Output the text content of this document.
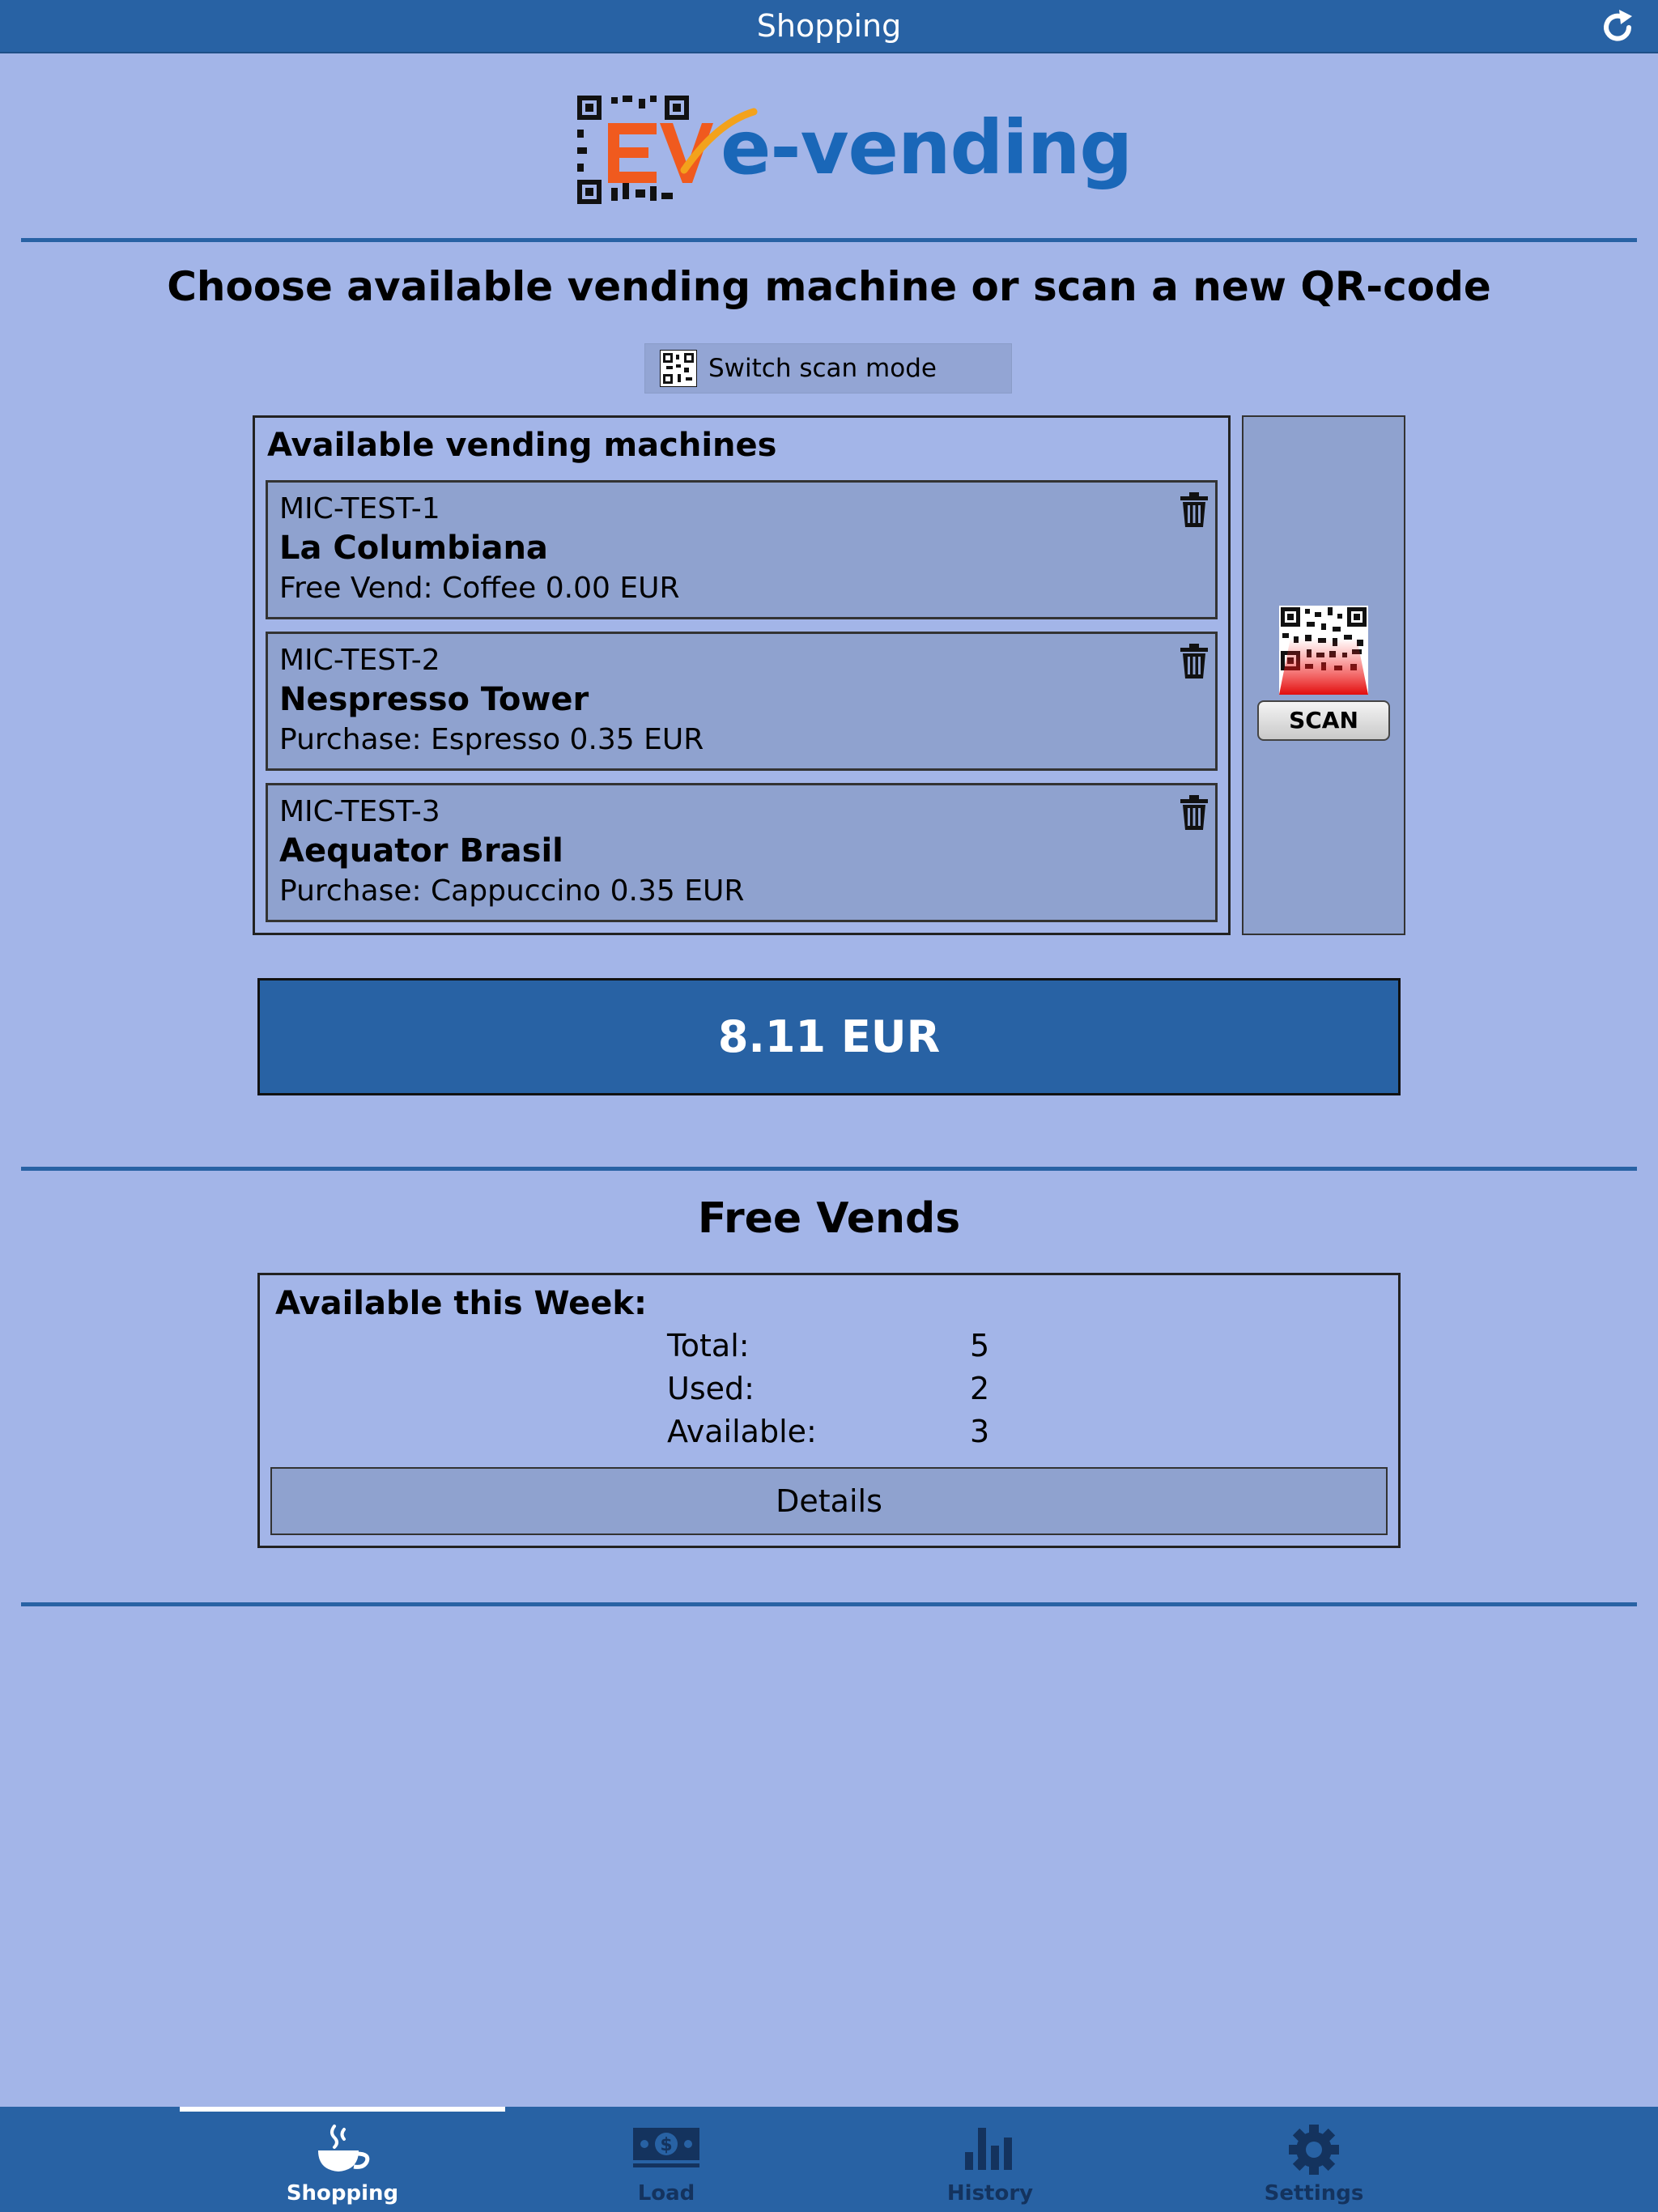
Shopping
e-vending
Choose available vending machine or scan a new QR-code
Switch scan mode
Available vending machines
MIC-TEST-1
La Columbiana
Free Vend: Coffee 0.00 EUR
MIC-TEST-2
Nespresso Tower
Purchase: Espresso 0.35 EUR
MIC-TEST-3
Aequator Brasil
Purchase: Cappuccino 0.35 EUR
SCAN
8.11 EUR
Free Vends
Available this Week:
Total:	5
Used:	2
Available:	3
Details
Shopping
$
Load	History	Settings
